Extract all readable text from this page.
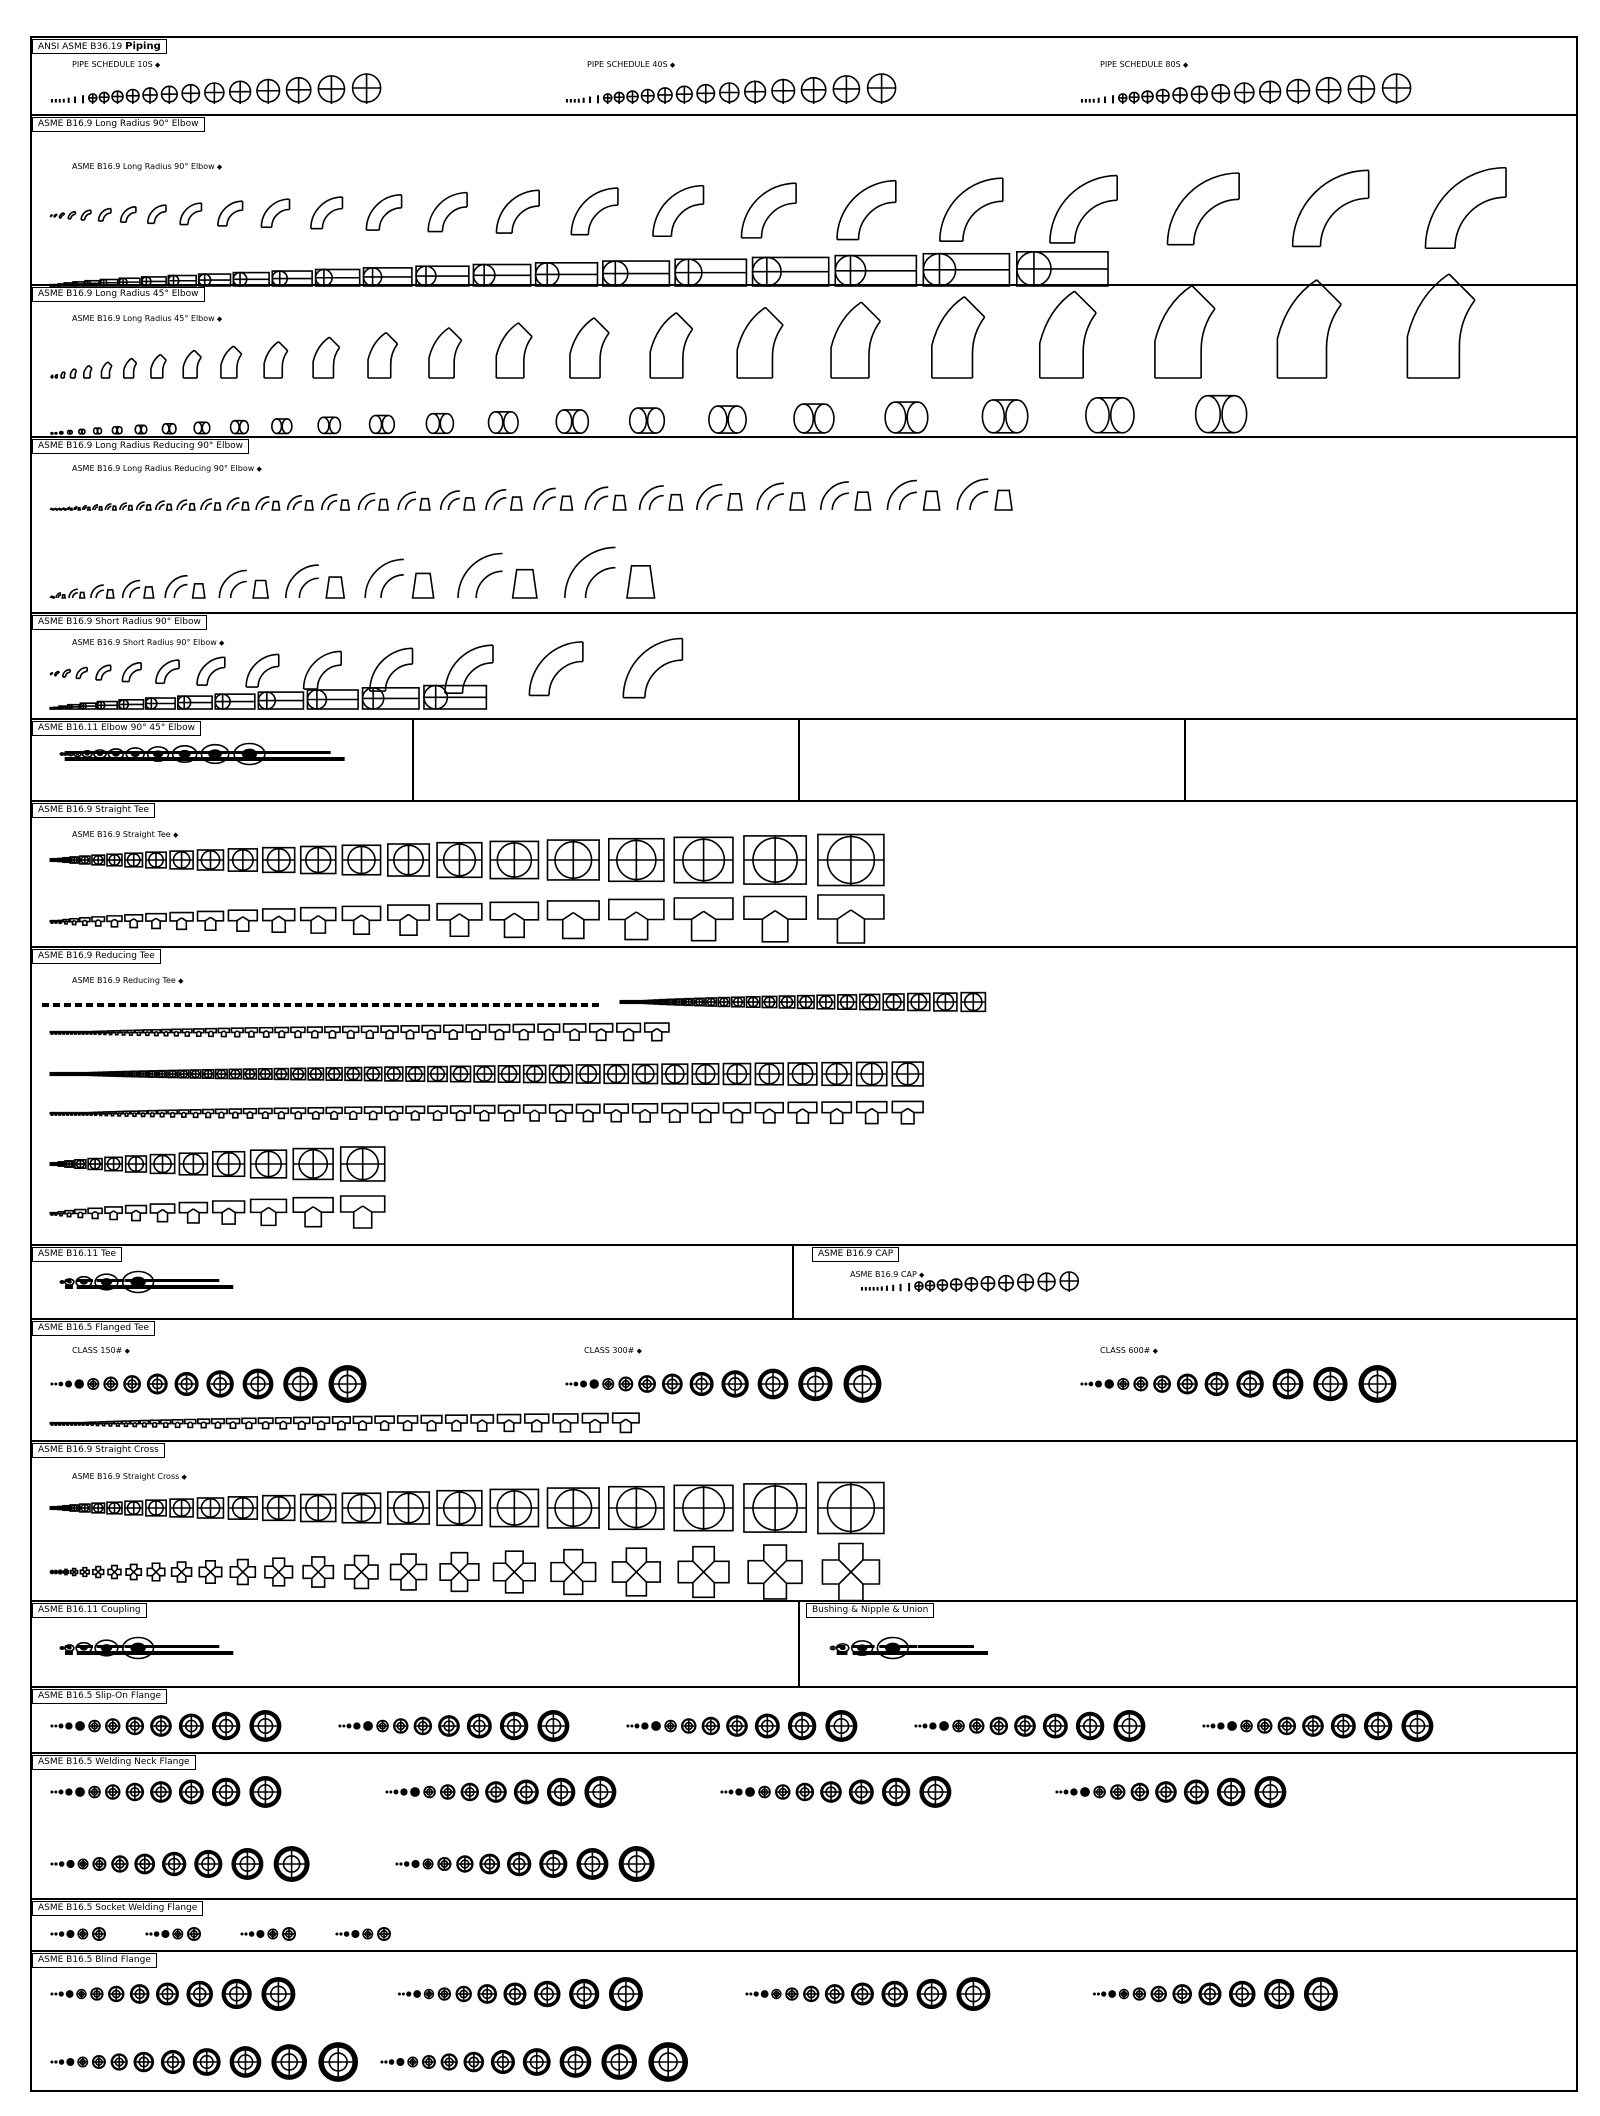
ANSI ASME B36.19 Piping
PIPE SCHEDULE 10S ◆	PIPE SCHEDULE 40S ◆	PIPE SCHEDULE 80S ◆
ASME B16.9 Long Radius 90° Elbow
ASME B16.9 Long Radius 90° Elbow ◆
ASME B16.9 Long Radius 45° Elbow
ASME B16.9 Long Radius 45° Elbow ◆
ASME B16.9 Long Radius Reducing 90° Elbow
ASME B16.9 Long Radius Reducing 90° Elbow ◆
ASME B16.9 Short Radius 90° Elbow
ASME B16.9 Short Radius 90° Elbow ◆
ASME B16.11 Elbow 90° 45° Elbow
ASME B16.9 Straight Tee
ASME B16.9 Straight Tee ◆
ASME B16.9 Reducing Tee
ASME B16.9 Reducing Tee ◆
ASME B16.11 Tee	ASME B16.9 CAP
ASME B16.9 CAP ◆
ASME B16.5 Flanged Tee
CLASS 150# ◆	CLASS 300# ◆	CLASS 600# ◆
ASME B16.9 Straight Cross
ASME B16.9 Straight Cross ◆
ASME B16.11 Coupling	Bushing & Nipple & Union
ASME B16.5 Slip-On Flange
ASME B16.5 Welding Neck Flange
ASME B16.5 Socket Welding Flange
ASME B16.5 Blind Flange
